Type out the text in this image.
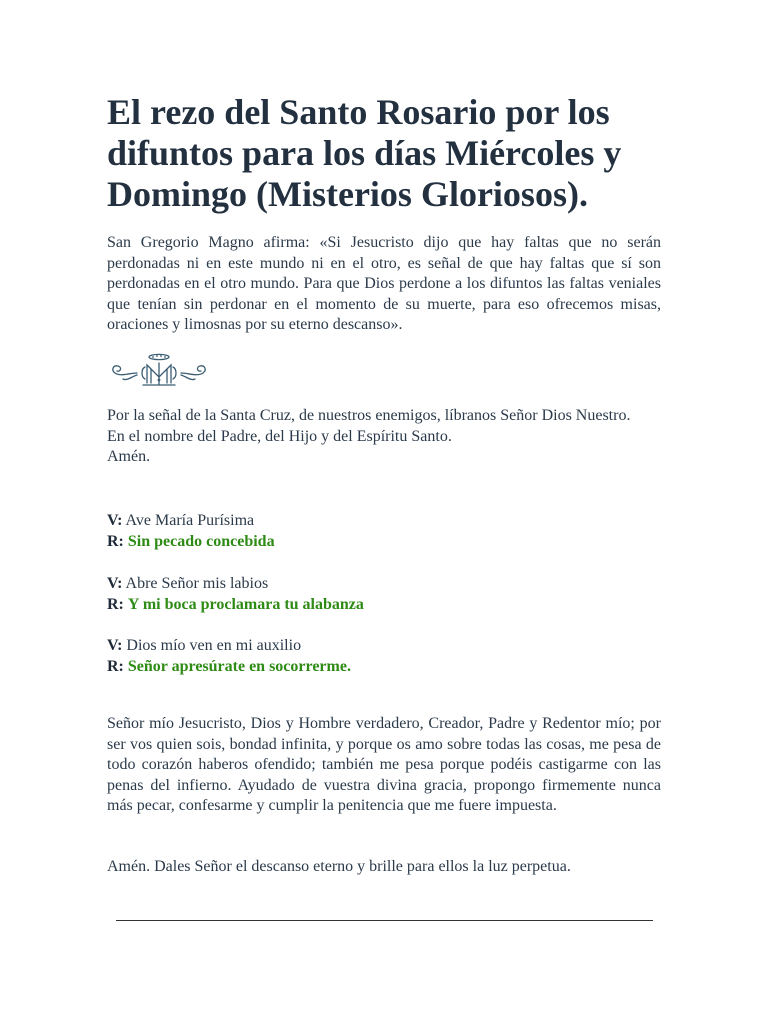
El rezo del Santo Rosario por los difuntos para los días Miércoles y Domingo (Misterios Gloriosos).

San Gregorio Magno afirma: «Si Jesucristo dijo que hay faltas que no serán perdonadas ni en este mundo ni en el otro, es señal de que hay faltas que sí son perdonadas en el otro mundo. Para que Dios perdone a los difuntos las faltas veniales que tenían sin perdonar en el momento de su muerte, para eso ofrecemos misas, oraciones y limosnas por su eterno descanso».

Por la señal de la Santa Cruz, de nuestros enemigos, líbranos Señor Dios Nuestro.
En el nombre del Padre, del Hijo y del Espíritu Santo.
Amén.

V: Ave María Purísima
R: Sin pecado concebida

V: Abre Señor mis labios
R: Y mi boca proclamara tu alabanza

V: Dios mío ven en mi auxilio
R: Señor apresúrate en socorrerme.

Señor mío Jesucristo, Dios y Hombre verdadero, Creador, Padre y Redentor mío; por ser vos quien sois, bondad infinita, y porque os amo sobre todas las cosas, me pesa de todo corazón haberos ofendido; también me pesa porque podéis castigarme con las penas del infierno. Ayudado de vuestra divina gracia, propongo firmemente nunca más pecar, confesarme y cumplir la penitencia que me fuere impuesta.

Amén. Dales Señor el descanso eterno y brille para ellos la luz perpetua.
